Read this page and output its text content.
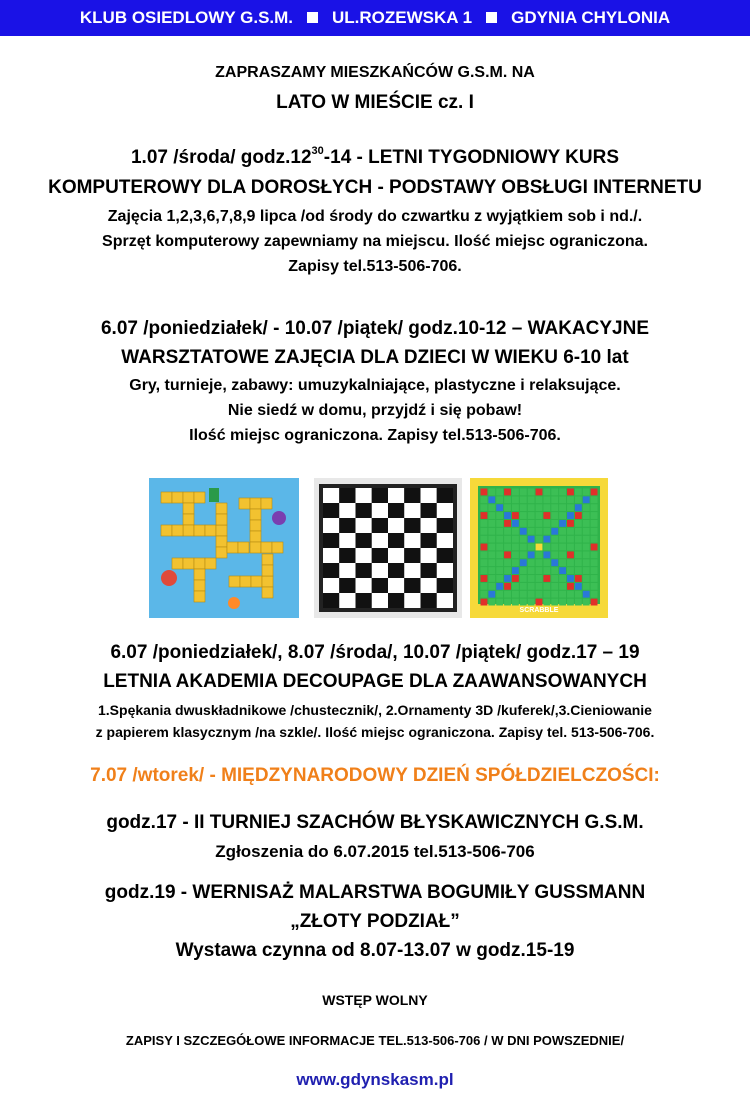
KLUB OSIEDLOWY G.S.M. UL.ROZEWSKA 1 GDYNIA CHYLONIA
ZAPRASZAMY MIESZKAŃCÓW G.S.M. NA
LATO W MIEŚCIE cz. I
1.07 /środa/ $godz.12^{30}-14$ - LETNI TYGODNIOWY KURS
KOMPUTEROWY DLA DOROSŁYCH - PODSTAWY OBSŁUGI INTERNETU
Zajęcia 1,2,3,6,7,8,9 lipca /od środy do czwartku z wyjątkiem sob i nd./.
Sprzęt komputerowy zapewniamy na miejscu. Ilość miejsc ograniczona.
Zapisy tel.513-506-706.
6.07 /poniedziałek/ - 10.07 /piątek/ godz.10-12 – WAKACYJNE
WARSZTATOWE ZAJĘCIA DLA DZIECI W WIEKU 6-10 lat
Gry, turnieje, zabawy: umuzykalniające, plastyczne i relaksujące.
Nie siedź w domu, przyjdź i się pobaw!
Ilość miejsc ograniczona. Zapisy tel.513-506-706.
SCRABBLE
6.07 /poniedziałek/, 8.07 /środa/, 10.07 /piątek/ godz.17 – 19
LETNIA AKADEMIA DECOUPAGE DLA ZAAWANSOWANYCH
1.Spękania dwuskładnikowe /chustecznik/, 2.Ornamenty 3D /kuferek/,3.Cieniowanie
z papierem klasycznym /na szkle/. Ilość miejsc ograniczona. Zapisy tel. 513-506-706.
7.07 /wtorek/ - MIĘDZYNARODOWY DZIEŃ SPÓŁDZIELCZOŚCI:
godz.17 - II TURNIEJ SZACHÓW BŁYSKAWICZNYCH G.S.M.
Zgłoszenia do 6.07.2015 tel.513-506-706
godz.19 - WERNISAŻ MALARSTWA BOGUMIŁY GUSSMANN
„ZŁOTY PODZIAŁ”
Wystawa czynna od 8.07-13.07 w godz.15-19
WSTĘP WOLNY
ZAPISY I SZCZEGÓŁOWE INFORMACJE TEL.513-506-706 / W DNI POWSZEDNIE/
www.gdynskasm.pl
